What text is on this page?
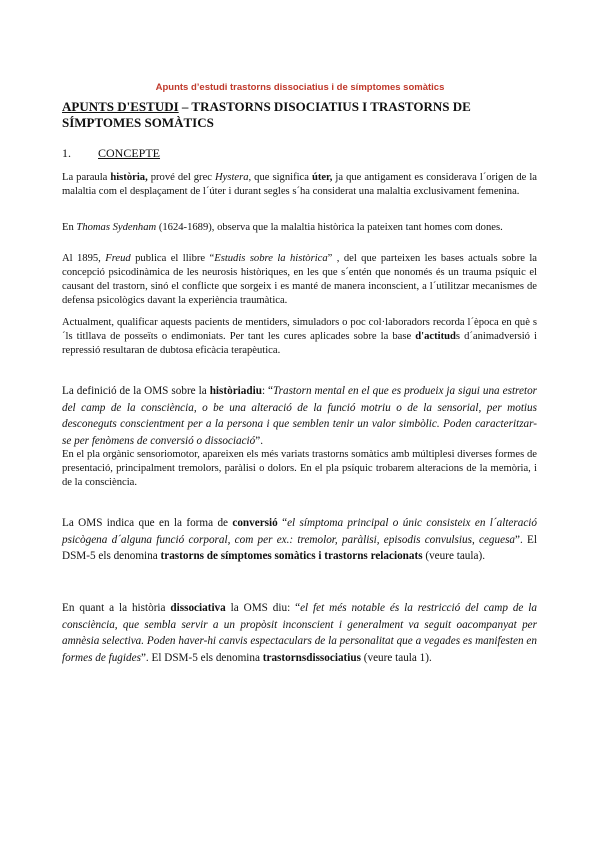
Apunts d’estudi trastorns dissociatius i de símptomes somàtics
APUNTS D'ESTUDI – TRASTORNS DISOCIATIUS I TRASTORNS DE SÍMPTOMES SOMÀTICS
1. CONCEPTE

La paraula història, prové del grec Hystera, que significa úter, ja que antigament es considerava l´origen de la malaltia com el desplaçament de l´úter i durant segles s´ha considerat una malaltia exclusivament femenina.

En Thomas Sydenham (1624-1689), observa que la malaltia històrica la pateixen tant homes com dones.

Al 1895, Freud publica el llibre “Estudis sobre la històrica” , del que parteixen les bases actuals sobre la concepció psicodinàmica de les neurosis històriques, en les que s´entén que nonomés és un trauma psíquic el causant del trastorn, sinó el conflicte que sorgeix i es manté de manera inconscient, a l´utilitzar mecanismes de defensa psicològics davant la experiència traumàtica.

Actualment, qualificar aquests pacients de mentiders, simuladors o poc col·laboradors recorda l´època en què s´ls titllava de posseïts o endimoniats. Per tant les cures aplicades sobre la base d'actituds d´animadversió i repressió resultaran de dubtosa eficàcia terapèutica.

La definició de la OMS sobre la històriadiu: “Trastorn mental en el que es produeix ja sigui una estretor del camp de la consciència, o be una alteració de la funció motriu o de la sensorial, per motius desconeguts conscientment per a la persona i que semblen tenir un valor simbòlic. Poden caracteritzar-se per fenòmens de conversió o dissociació”.

En el pla orgànic sensoriomotor, apareixen els més variats trastorns somàtics amb múltiplesi diverses formes de presentació, principalment tremolors, paràlisi o dolors. En el pla psíquic trobarem alteracions de la memòria, i de la consciència.

La OMS indica que en la forma de conversió “el símptoma principal o únic consisteix en l´alteració psicògena d´alguna funció corporal, com per ex.: tremolor, paràlisi, episodis convulsius, ceguesa”. El DSM-5 els denomina trastorns de símptomes somàtics i trastorns relacionats (veure taula).

En quant a la història dissociativa la OMS diu: “el fet més notable és la restricció del camp de la consciència, que sembla servir a un propòsit inconscient i generalment va seguit oacompanyat per amnèsia selectiva. Poden haver-hi canvis espectaculars de la personalitat que a vegades es manifesten en formes de fugides”. El DSM-5 els denomina trastornsdissociatius (veure taula 1).
